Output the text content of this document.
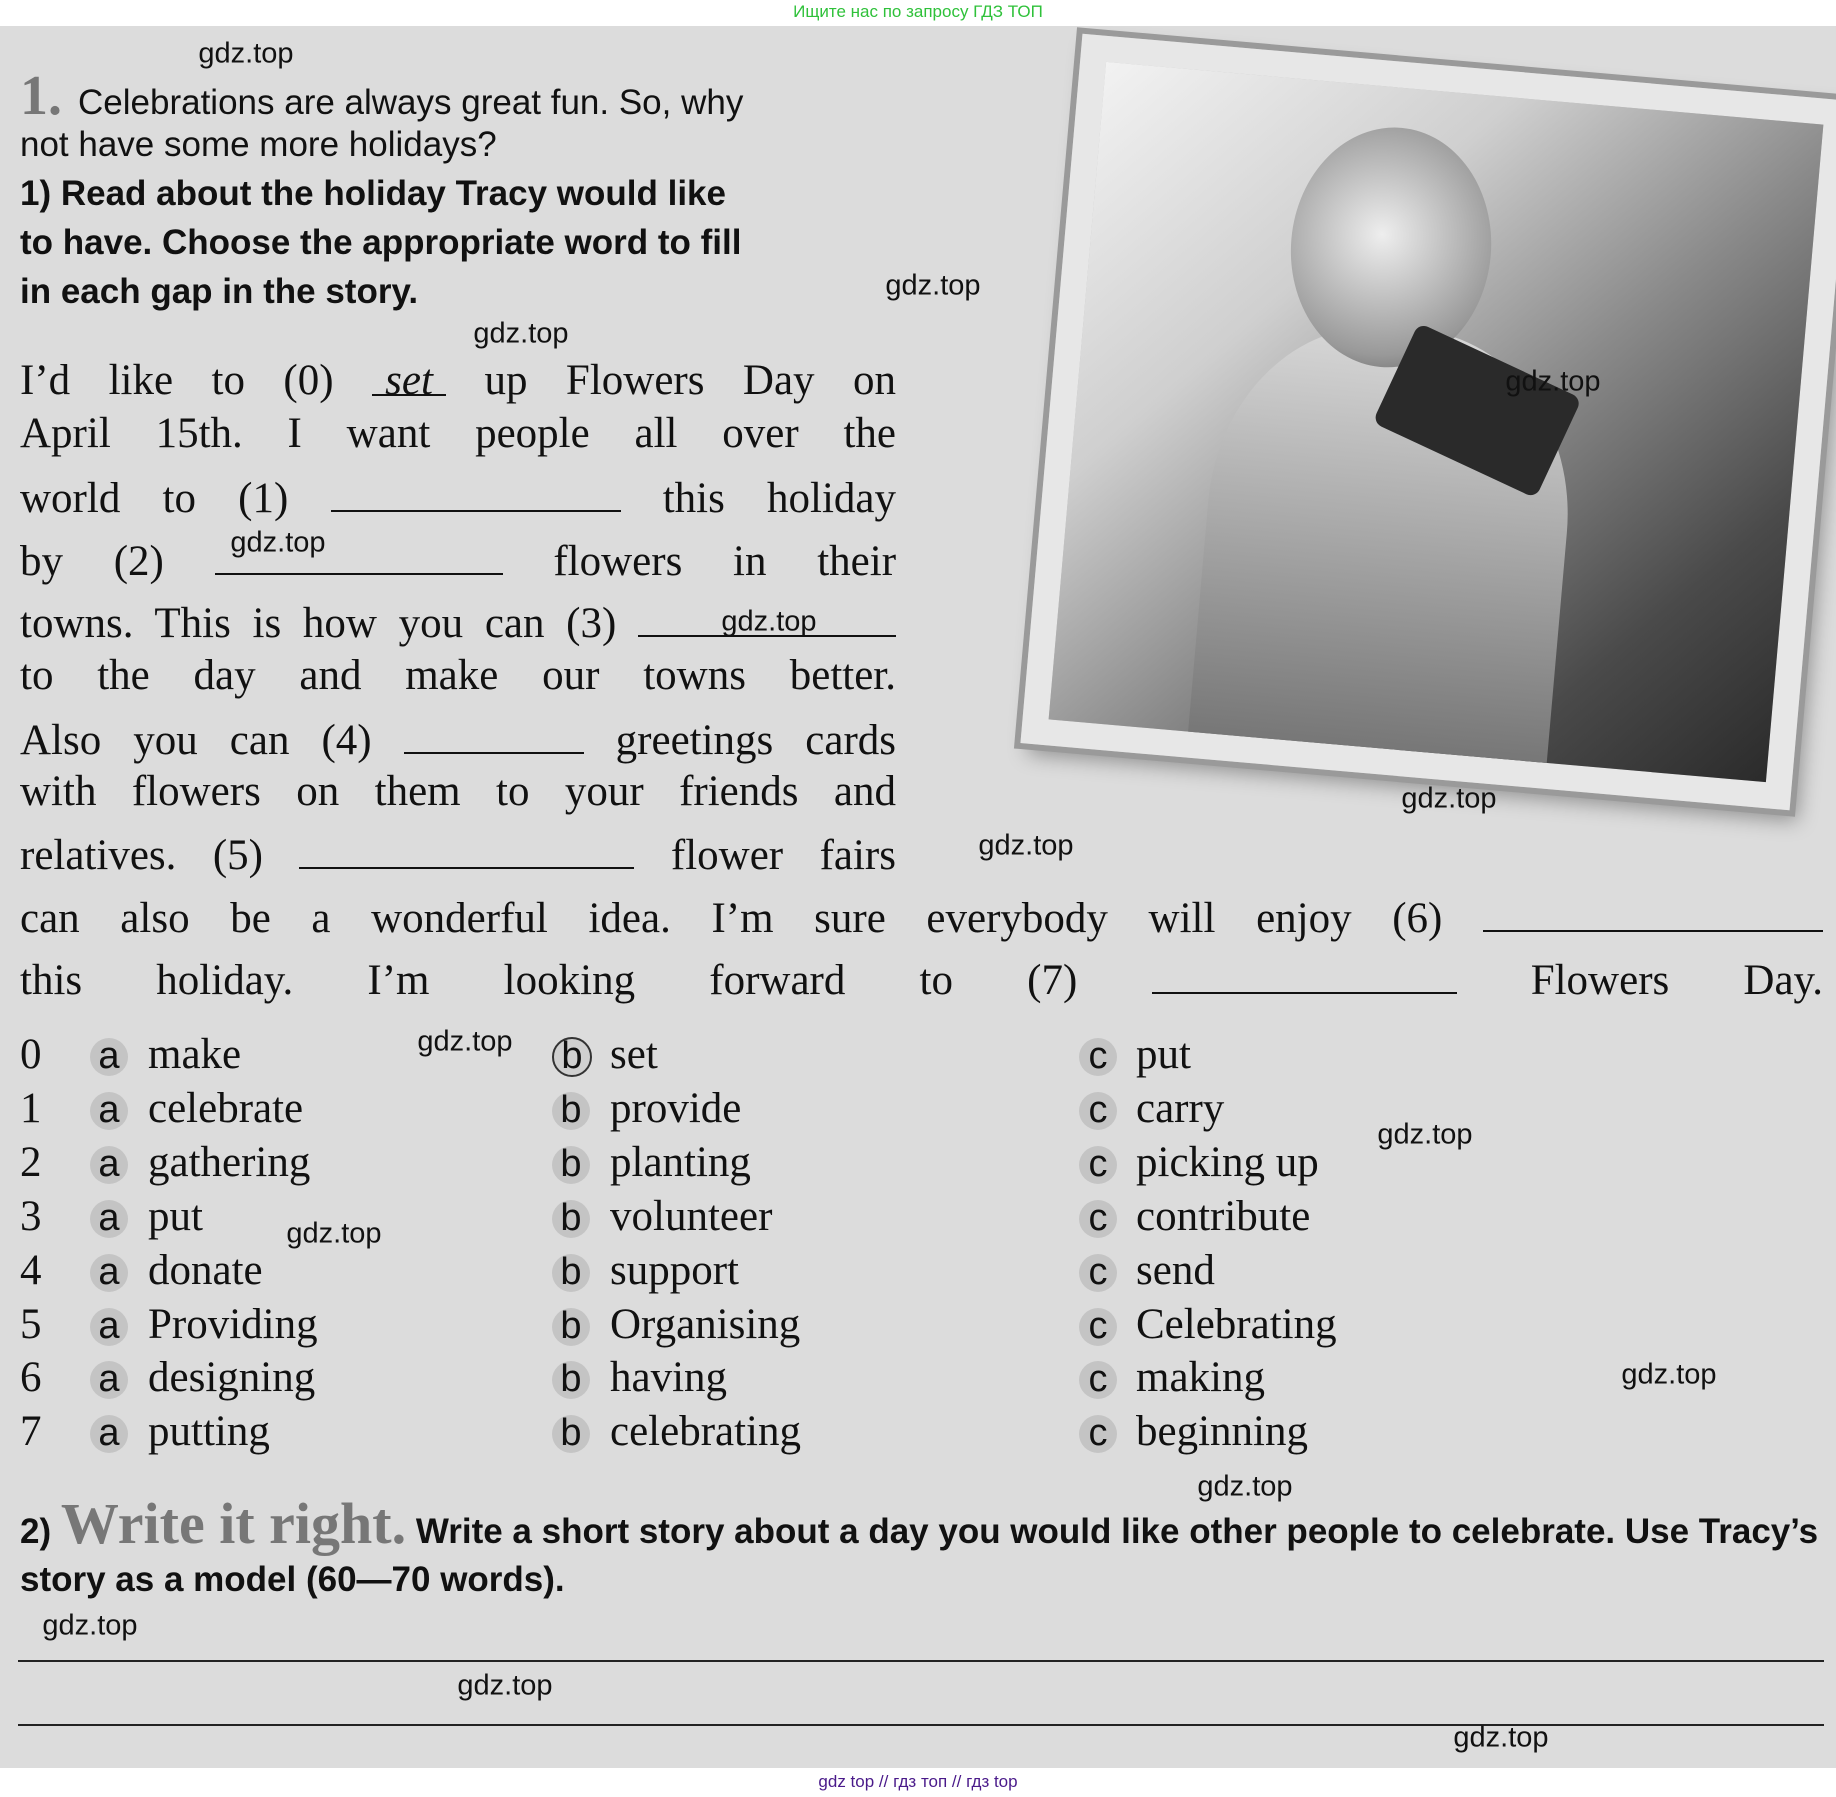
Ищите нас по запросу ГДЗ ТОП
1. Celebrations are always great fun. So, why
not have some more holidays?
1) Read about the holiday Tracy would like
to have. Choose the appropriate word to fill
in each gap in the story.
I’d like to (0) set up Flowers Day on
April 15th. I want people all over the
world to (1)	this holiday
by (2)	flowers in their
towns. This is how you can (3)
to the day and make our towns better.
Also you can (4)	greetings cards
with flowers on them to your friends and
relatives. (5)	flower fairs
can also be a wonderful idea. I’m sure everybody will enjoy (6)
this holiday. I’m looking forward to (7)	Flowers Day.
0 a make	b set	c put
1 a celebrate	b provide	c carry
2 a gathering	b planting	c picking up
3 a put	b volunteer	c contribute
4 a donate	b support	c send
5 a Providing	b Organising	c Celebrating
6 a designing	b having	c making
7 a putting	b celebrating	c beginning
2) Write it right. Write a short story about a day you would like other people to celebrate. Use Tracy’s story as a model (60—70 words).
gdz.top
gdz.top
gdz.top
gdz.top
gdz.top
gdz.top
gdz.top
gdz.top
gdz.top
gdz.top
gdz.top
gdz.top
gdz.top
gdz.top
gdz.top
gdz.top
gdz top // гдз топ // гдз top
